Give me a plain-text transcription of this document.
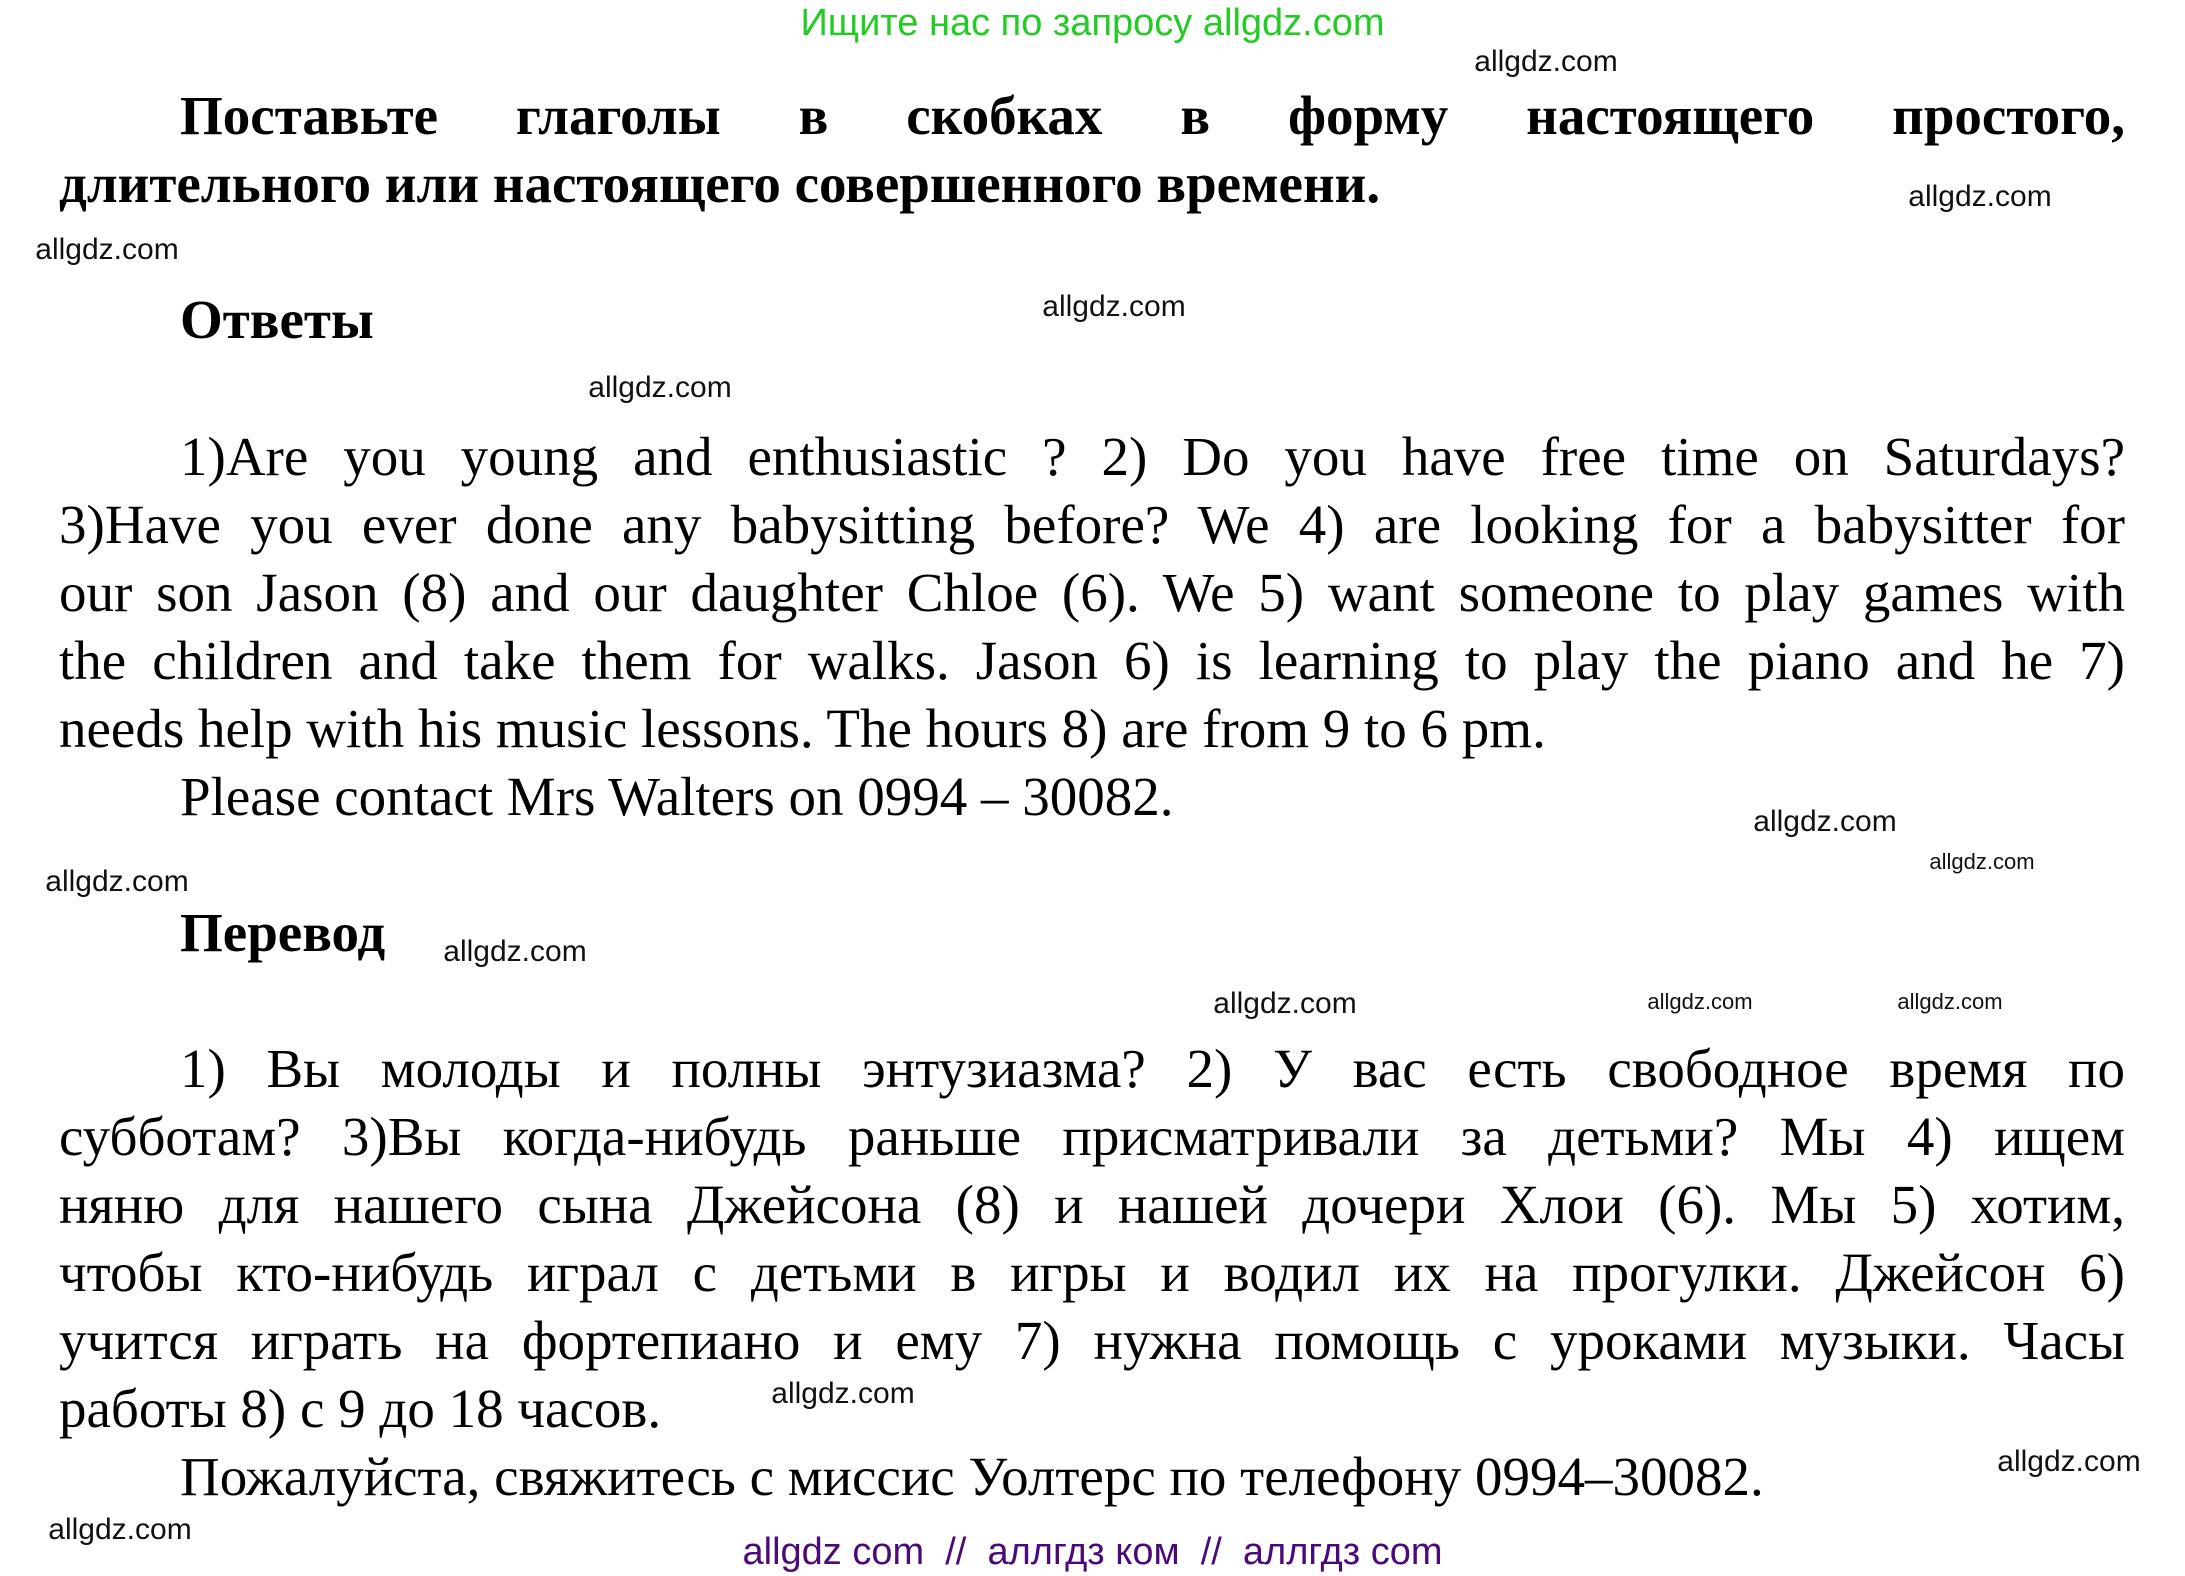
Ищите нас по запросу allgdz.com
Поставьте глаголы в скобках в форму настоящего простого,
длительного или настоящего совершенного времени.
Ответы
1)Are you young and enthusiastic ? 2) Do you have free time on Saturdays?
3)Have you ever done any babysitting before? We 4) are looking for a babysitter for
our son Jason (8) and our daughter Chloe (6). We 5) want someone to play games with
the children and take them for walks. Jason 6) is learning to play the piano and he 7)
needs help with his music lessons. The hours 8) are from 9 to 6 pm.
Please contact Mrs Walters on 0994 – 30082.
Перевод
1) Вы молоды и полны энтузиазма? 2) У вас есть свободное время по
субботам? 3)Вы когда-нибудь раньше присматривали за детьми? Мы 4) ищем
няню для нашего сына Джейсона (8) и нашей дочери Хлои (6). Мы 5) хотим,
чтобы кто-нибудь играл с детьми в игры и водил их на прогулки. Джейсон 6)
учится играть на фортепиано и ему 7) нужна помощь с уроками музыки. Часы
работы 8) с 9 до 18 часов.
Пожалуйста, свяжитесь с миссис Уолтерс по телефону 0994–30082.
allgdz.com
allgdz.com
allgdz.com
allgdz.com
allgdz.com
allgdz.com
allgdz.com
allgdz.com
allgdz.com
allgdz.com	allgdz.com	allgdz.com
allgdz.com
allgdz.com
allgdz.com
allgdz com  //  аллгдз ком  //  аллгдз com
